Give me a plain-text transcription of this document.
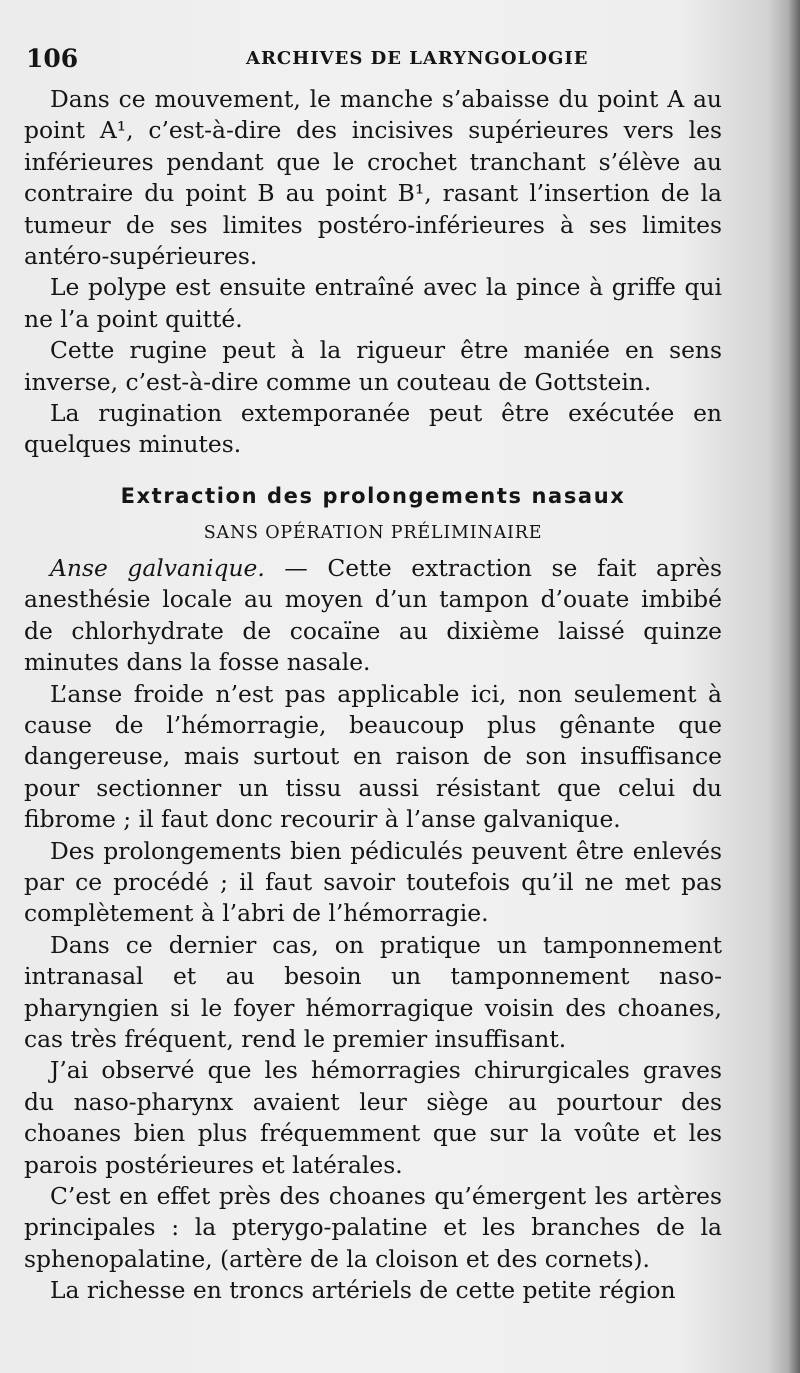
106	ARCHIVES DE LARYNGOLOGIE

Dans ce mouvement, le manche s’abaisse du point A au point A¹, c’est-à-dire des incisives supérieures vers les inférieures pendant que le crochet tranchant s’élève au contraire du point B au point B¹, rasant l’insertion de la tumeur de ses limites postéro-inférieures à ses limites antéro-supérieures.

Le polype est ensuite entraîné avec la pince à griffe qui ne l’a point quitté.

Cette rugine peut à la rigueur être maniée en sens inverse, c’est-à-dire comme un couteau de Gottstein.

La rugination extemporanée peut être exécutée en quelques minutes.

Extraction des prolongements nasaux
SANS OPÉRATION PRÉLIMINAIRE

Anse galvanique. — Cette extraction se fait après anesthésie locale au moyen d’un tampon d’ouate imbibé de chlorhydrate de cocaïne au dixième laissé quinze minutes dans la fosse nasale.

L’anse froide n’est pas applicable ici, non seulement à cause de l’hémorragie, beaucoup plus gênante que dangereuse, mais surtout en raison de son insuffisance pour sectionner un tissu aussi résistant que celui du fibrome ; il faut donc recourir à l’anse galvanique.

Des prolongements bien pédiculés peuvent être enlevés par ce procédé ; il faut savoir toutefois qu’il ne met pas complètement à l’abri de l’hémorragie.

Dans ce dernier cas, on pratique un tamponnement intranasal et au besoin un tamponnement naso-pharyngien si le foyer hémorragique voisin des choanes, cas très fréquent, rend le premier insuffisant.

J’ai observé que les hémorragies chirurgicales graves du naso-pharynx avaient leur siège au pourtour des choanes bien plus fréquemment que sur la voûte et les parois postérieures et latérales.

C’est en effet près des choanes qu’émergent les artères principales : la pterygo-palatine et les branches de la sphenopalatine, (artère de la cloison et des cornets).

La richesse en troncs artériels de cette petite région
